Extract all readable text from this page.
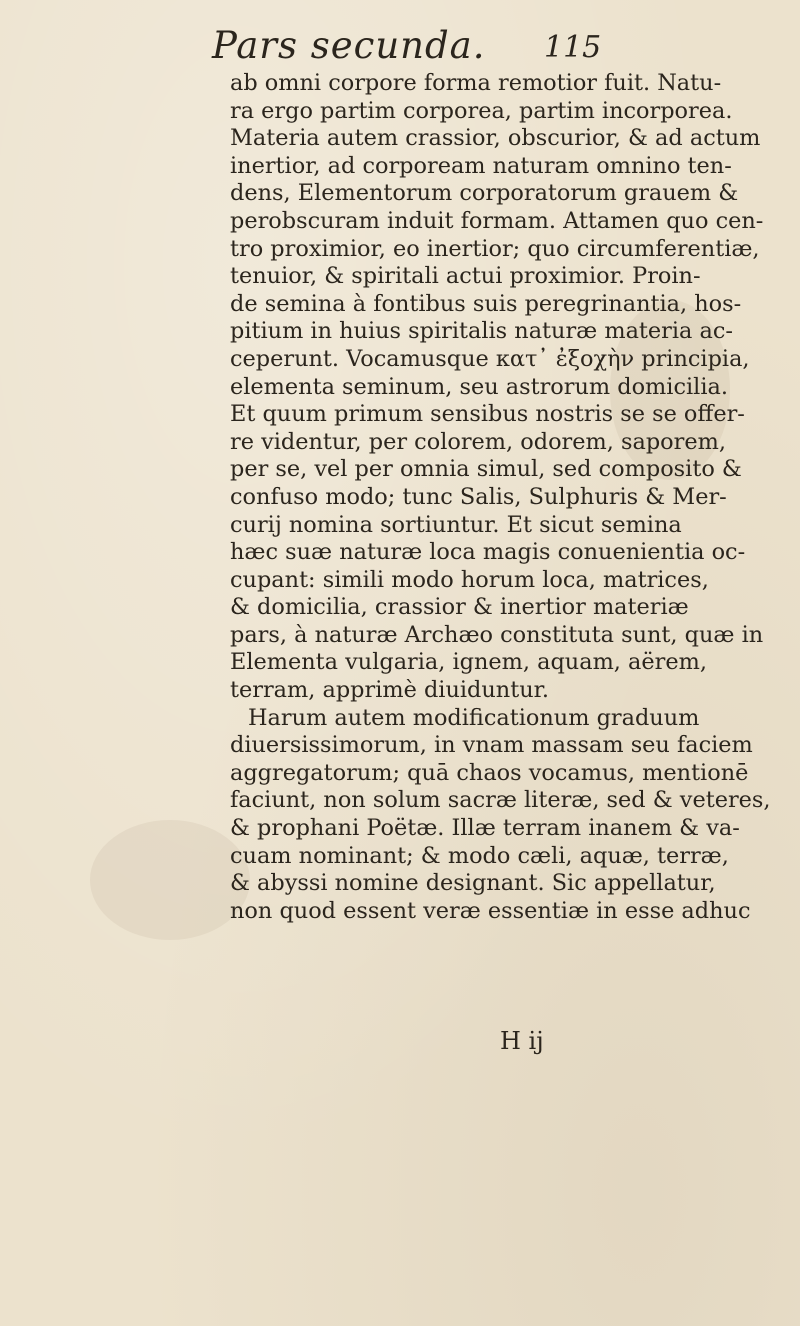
Pars secunda. 115
ab omni corpore forma remotior fuit. Natu-
ra ergo partim corporea, partim incorporea.
Materia autem crassior, obscurior, & ad actum
inertior, ad corpoream naturam omnino ten-
dens, Elementorum corporatorum grauem &
perobscuram induit formam. Attamen quo cen-
tro proximior, eo inertior; quo circumferentiæ,
tenuior, & spiritali actui proximior. Proin-
de semina à fontibus suis peregrinantia, hos-
pitium in huius spiritalis naturæ materia ac-
ceperunt. Vocamusque κατ᾽ ἐξοχὴν principia,
elementa seminum, seu astrorum domicilia.
Et quum primum sensibus nostris se se offer-
re videntur, per colorem, odorem, saporem,
per se, vel per omnia simul, sed composito &
confuso modo; tunc Salis, Sulphuris & Mer-
curij nomina sortiuntur. Et sicut semina
hæc suæ naturæ loca magis conuenientia oc-
cupant: simili modo horum loca, matrices,
& domicilia, crassior & inertior materiæ
pars, à naturæ Archæo constituta sunt, quæ in
Elementa vulgaria, ignem, aquam, aërem,
terram, apprimè diuiduntur.
Harum autem modificationum graduum
diuersissimorum, in vnam massam seu faciem
aggregatorum; quā chaos vocamus, mentionē
faciunt, non solum sacræ literæ, sed & veteres,
& prophani Poëtæ. Illæ terram inanem & va-
cuam nominant; & modo cæli, aquæ, terræ,
& abyssi nomine designant. Sic appellatur,
non quod essent veræ essentiæ in esse adhuc
H ij
